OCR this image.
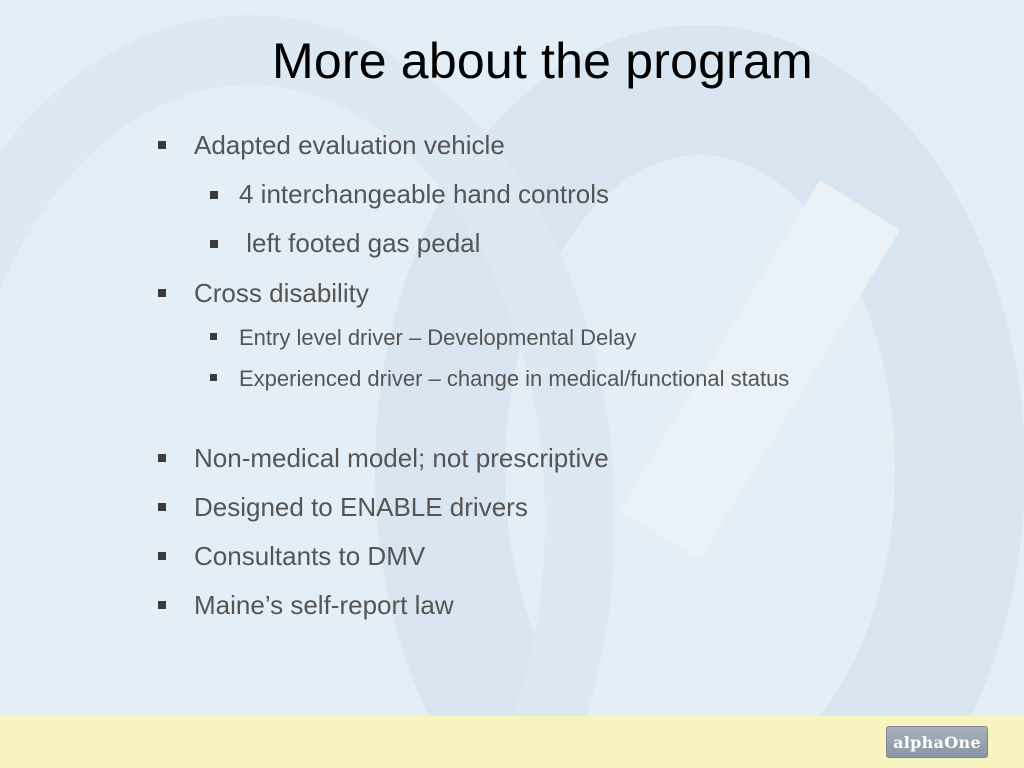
More about the program
Adapted evaluation vehicle
4 interchangeable hand controls
left footed gas pedal
Cross disability
Entry level driver – Developmental Delay
Experienced driver – change in medical/functional status
Non-medical model; not prescriptive
Designed to ENABLE drivers
Consultants to DMV
Maine’s self-report law
alphaOne
